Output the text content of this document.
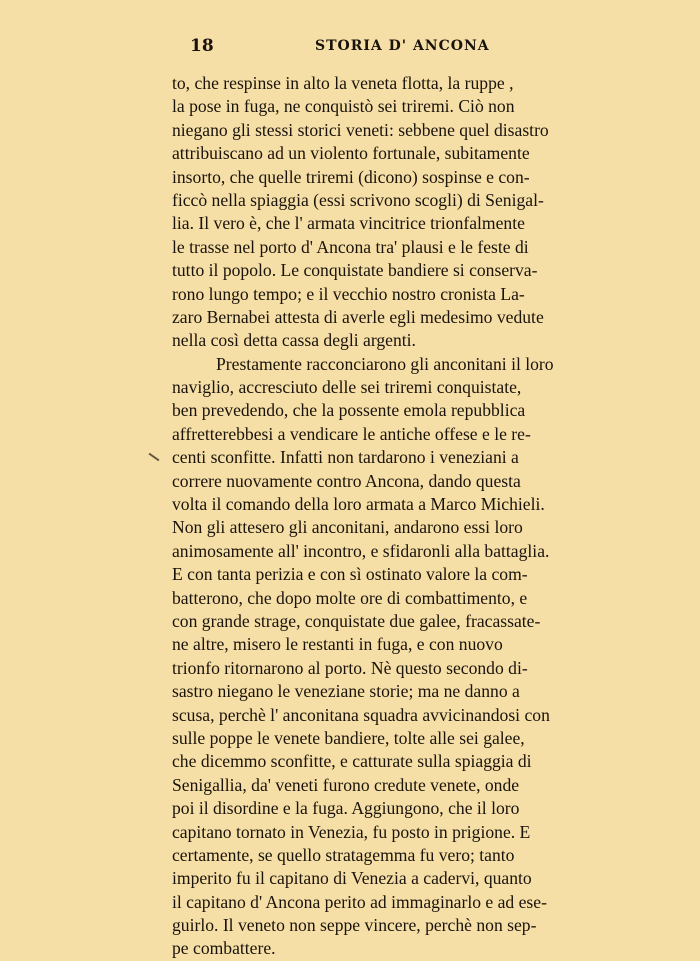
18	STORIA D' ANCONA
to, che respinse in alto la veneta flotta, la ruppe ,
la pose in fuga, ne conquistò sei triremi. Ciò non
niegano gli stessi storici veneti: sebbene quel disastro
attribuiscano ad un violento fortunale, subitamente
insorto, che quelle triremi (dicono) sospinse e con-
ficcò nella spiaggia (essi scrivono scogli) di Senigal-
lia. Il vero è, che l' armata vincitrice trionfalmente
le trasse nel porto d' Ancona tra' plausi e le feste di
tutto il popolo. Le conquistate bandiere si conserva-
rono lungo tempo; e il vecchio nostro cronista La-
zaro Bernabei attesta di averle egli medesimo vedute
nella così detta cassa degli argenti.
Prestamente racconciarono gli anconitani il loro
naviglio, accresciuto delle sei triremi conquistate,
ben prevedendo, che la possente emola repubblica
affretterebbesi a vendicare le antiche offese e le re-
centi sconfitte. Infatti non tardarono i veneziani a
correre nuovamente contro Ancona, dando questa
volta il comando della loro armata a Marco Michieli.
Non gli attesero gli anconitani, andarono essi loro
animosamente all' incontro, e sfidaronli alla battaglia.
E con tanta perizia e con sì ostinato valore la com-
batterono, che dopo molte ore di combattimento, e
con grande strage, conquistate due galee, fracassate-
ne altre, misero le restanti in fuga, e con nuovo
trionfo ritornarono al porto. Nè questo secondo di-
sastro niegano le veneziane storie; ma ne danno a
scusa, perchè l' anconitana squadra avvicinandosi con
sulle poppe le venete bandiere, tolte alle sei galee,
che dicemmo sconfitte, e catturate sulla spiaggia di
Senigallia, da' veneti furono credute venete, onde
poi il disordine e la fuga. Aggiungono, che il loro
capitano tornato in Venezia, fu posto in prigione. E
certamente, se quello stratagemma fu vero; tanto
imperito fu il capitano di Venezia a cadervi, quanto
il capitano d' Ancona perito ad immaginarlo e ad ese-
guirlo. Il veneto non seppe vincere, perchè non sep-
pe combattere.
